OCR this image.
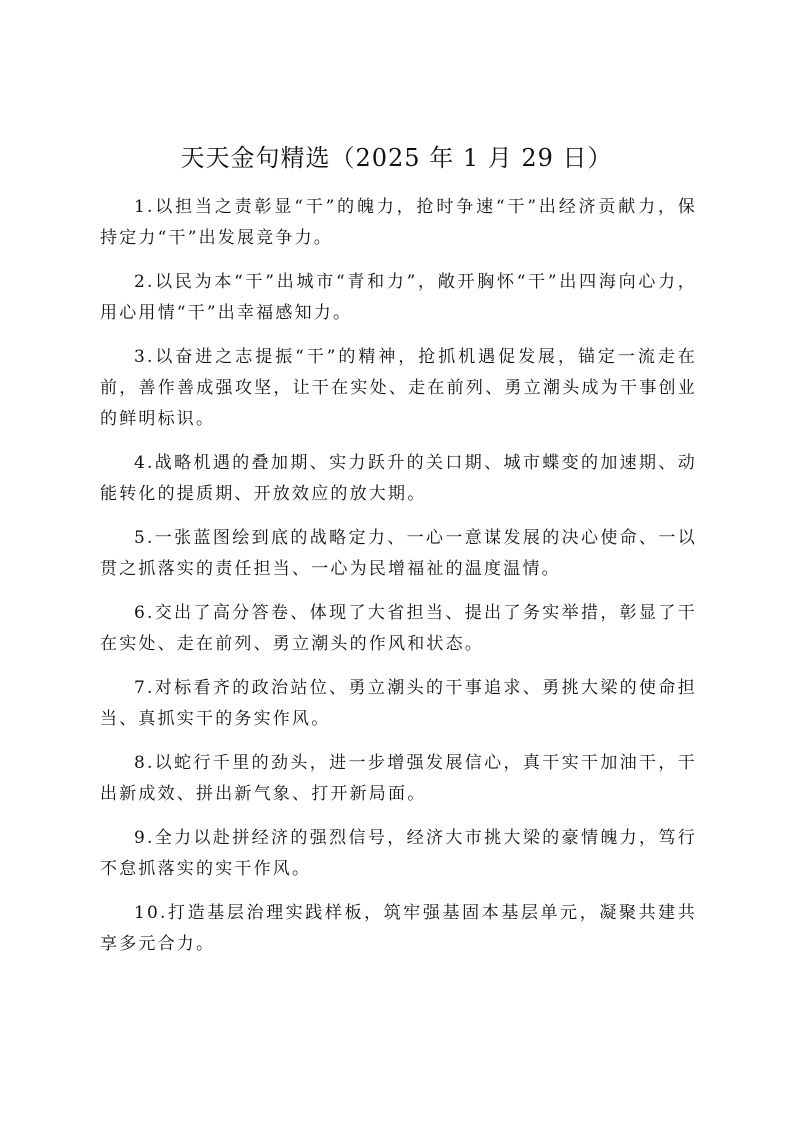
天天金句精选（2025 年 1 月 29 日）

1.以担当之责彰显“干”的魄力，抢时争速“干”出经济贡献力，保持定力“干”出发展竞争力。

2.以民为本“干”出城市“青和力”，敞开胸怀“干”出四海向心力，用心用情“干”出幸福感知力。

3.以奋进之志提振“干”的精神，抢抓机遇促发展，锚定一流走在前，善作善成强攻坚，让干在实处、走在前列、勇立潮头成为干事创业的鲜明标识。

4.战略机遇的叠加期、实力跃升的关口期、城市蝶变的加速期、动能转化的提质期、开放效应的放大期。

5.一张蓝图绘到底的战略定力、一心一意谋发展的决心使命、一以贯之抓落实的责任担当、一心为民增福祉的温度温情。

6.交出了高分答卷、体现了大省担当、提出了务实举措，彰显了干在实处、走在前列、勇立潮头的作风和状态。

7.对标看齐的政治站位、勇立潮头的干事追求、勇挑大梁的使命担当、真抓实干的务实作风。

8.以蛇行千里的劲头，进一步增强发展信心，真干实干加油干，干出新成效、拼出新气象、打开新局面。

9.全力以赴拼经济的强烈信号，经济大市挑大梁的豪情魄力，笃行不怠抓落实的实干作风。

10.打造基层治理实践样板，筑牢强基固本基层单元，凝聚共建共享多元合力。
